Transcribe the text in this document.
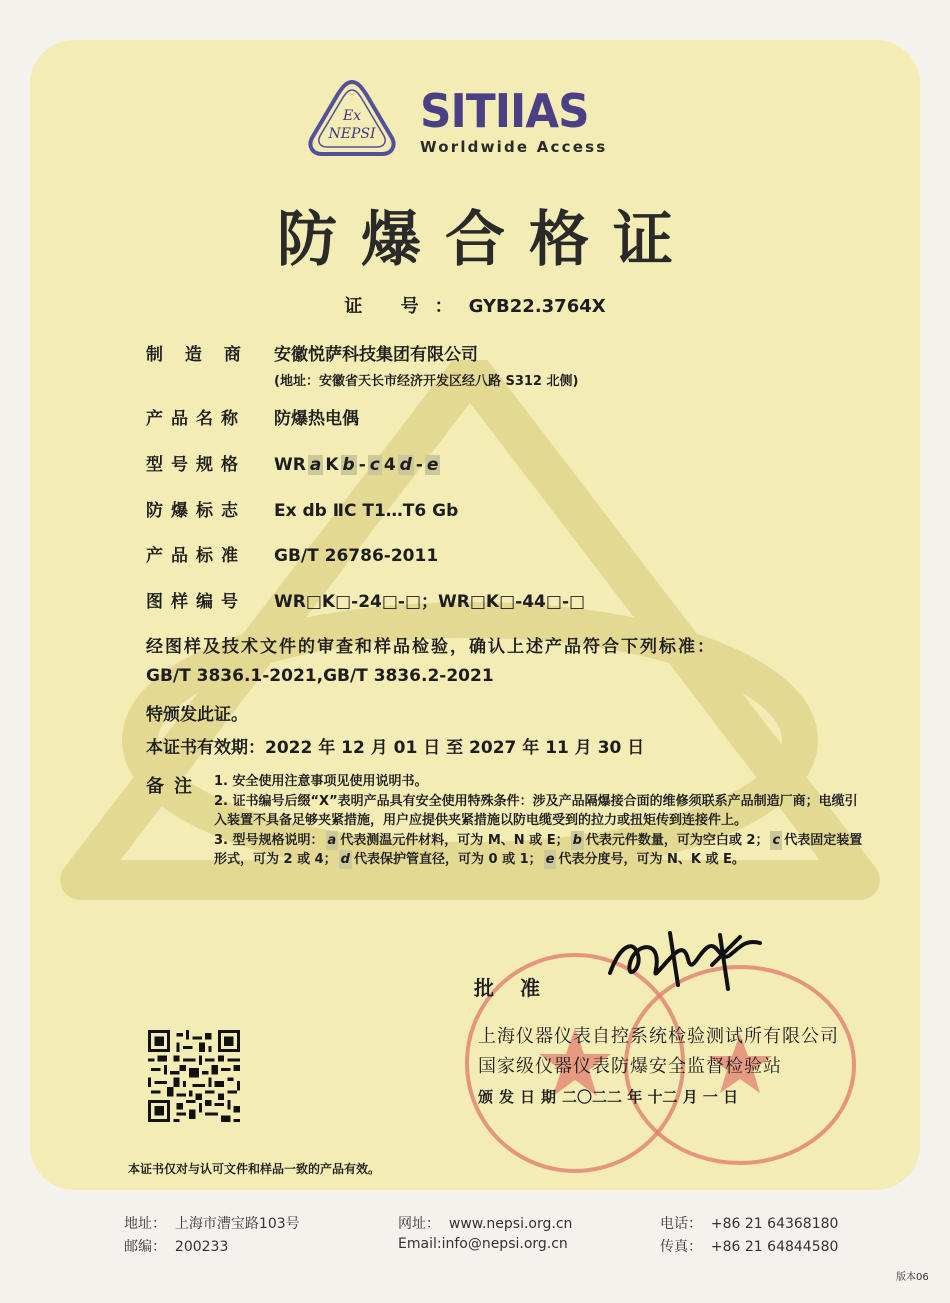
Ex
NEPSI SITIIAS
Worldwide Access
防爆合格证
证 号：GYB22.3764X
制 造 商 安徽悦萨科技集团有限公司
(地址：安徽省天长市经济开发区经八路 S312 北侧)
产品名称 防爆热电偶
型号规格 WR a K b - c 4 d - e
防爆标志 Ex db ⅡC T1…T6 Gb
产品标准 GB/T 26786-2011
图样编号 WR□K□-24□-□；WR□K□-44□-□
经图样及技术文件的审查和样品检验，确认上述产品符合下列标准：
GB/T 3836.1-2021,GB/T 3836.2-2021
特颁发此证。
本证书有效期：2022 年 12 月 01 日 至 2027 年 11 月 30 日
备注 1. 安全使用注意事项见使用说明书。

2. 证书编号后缀“X”表明产品具有安全使用特殊条件：涉及产品隔爆接合面的维修须联系产品制造厂商；电缆引入装置不具备足够夹紧措施，用户应提供夹紧措施以防电缆受到的拉力或扭矩传到连接件上。

3. 型号规格说明： a 代表测温元件材料，可为 M、N 或 E； b 代表元件数量，可为空白或 2； c 代表固定装置形式，可为 2 或 4； d 代表保护管直径，可为 0 或 1； e 代表分度号，可为 N、K 或 E。

批准
上海仪器仪表自控系统检验测试所有限公司
国家级仪器仪表防爆安全监督检验站
颁发日期二〇二二 年 十二 月 一 日
本证书仅对与认可文件和样品一致的产品有效。
地址： 上海市漕宝路103号
邮编： 200233
网址： www.nepsi.org.cn
Email:info@nepsi.org.cn
电话： +86 21 64368180
传真： +86 21 64844580
版本06
